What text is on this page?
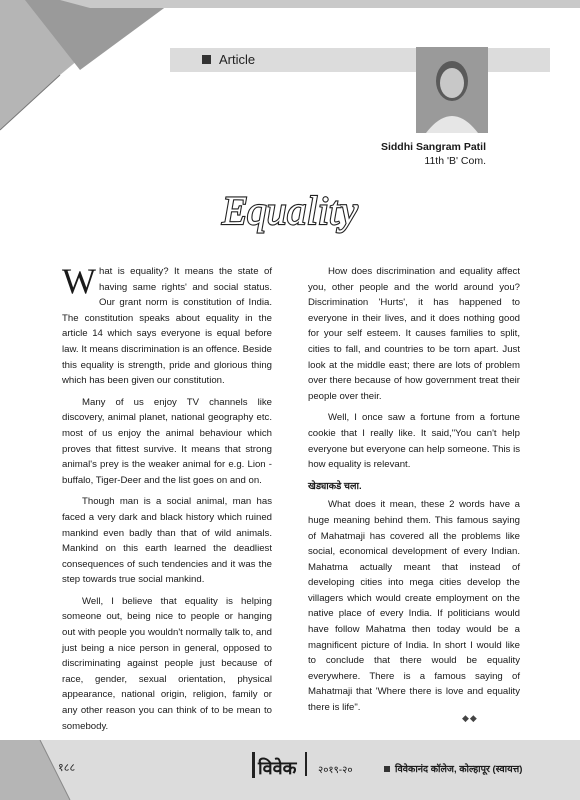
Article
Siddhi Sangram Patil
11th 'B' Com.
Equality

What is equality? It means the state of having same rights' and social status. Our grant norm is constitution of India. The constitution speaks about equality in the article 14 which says everyone is equal before law. It means discrimination is an offence. Beside this equality is strength, pride and glorious thing which has been given our constitution.

Many of us enjoy TV channels like discovery, animal planet, national geography etc. most of us enjoy the animal behaviour which proves that fittest survive. It means that strong animal's prey is the weaker animal for e.g. Lion - buffalo, Tiger-Deer and the list goes on and on.

Though man is a social animal, man has faced a very dark and black history which ruined mankind even badly than that of wild animals. Mankind on this earth learned the deadliest consequences of such tendencies and it was the step towards true social mankind.

Well, I believe that equality is helping someone out, being nice to people or hanging out with people you wouldn't normally talk to, and just being a nice person in general, opposed to discriminating against people just because of race, gender, sexual orientation, physical appearance, national origin, religion, family or any other reason you can think of to be mean to somebody.

How does discrimination and equality affect you, other people and the world around you? Discrimination 'Hurts', it has happened to everyone in their lives, and it does nothing good for your self esteem. It causes families to split, cities to fall, and countries to be torn apart. Just look at the middle east; there are lots of problem over there because of how government treat their people over their.

Well, I once saw a fortune from a fortune cookie that I really like. It said,"You can't help everyone but everyone can help someone. This is how equality is relevant.

खेड्याकडे चला.

What does it mean, these 2 words have a huge meaning behind them. This famous saying of Mahatmaji has covered all the problems like social, economical development of every Indian. Mahatma actually meant that instead of developing cities into mega cities develop the villagers which would create employment on the native place of every India. If politicians would have follow Mahatma then today would be a magnificent picture of India. In short I would like to conclude that there would be equality everywhere. There is a famous saying of Mahatmaji that 'Where there is love and equality there is life".

◆◆
१८८	विवेक २०१९-२०	विवेकानंद कॉलेज, कोल्हापूर (स्वायत्त)
